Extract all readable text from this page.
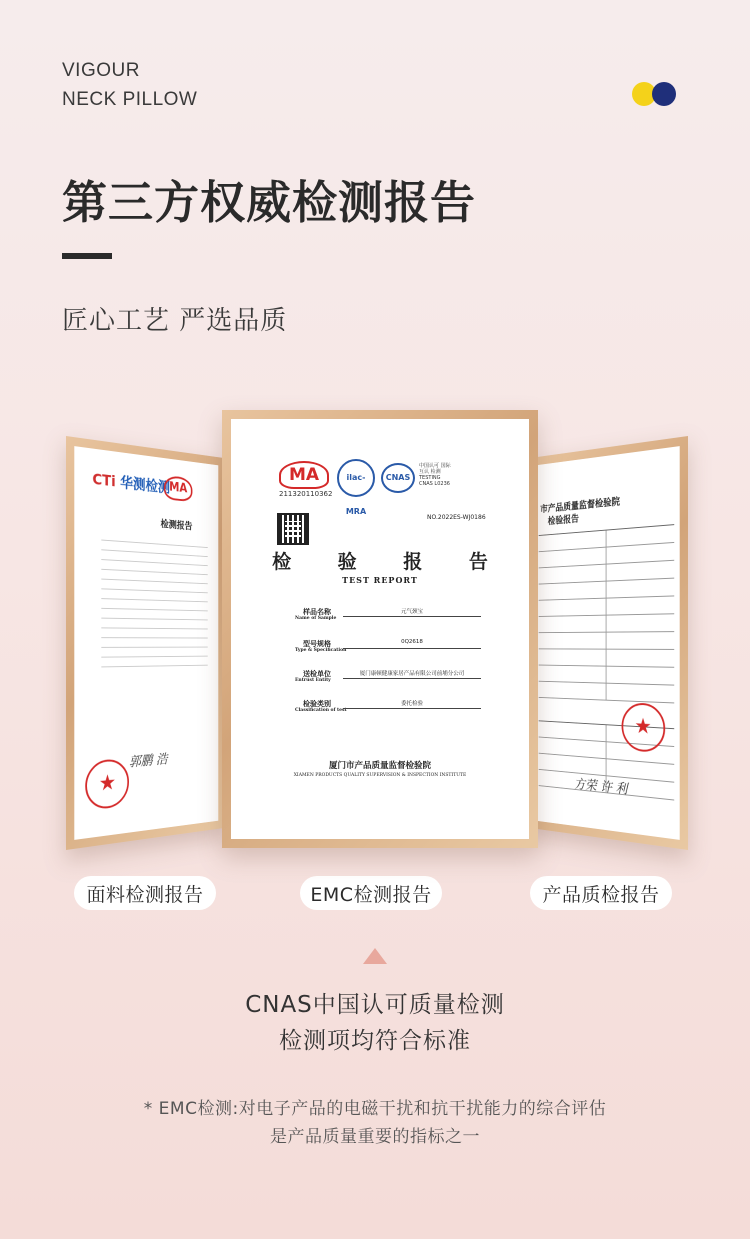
VIGOUR
NECK PILLOW
第三方权威检测报告
匠心工艺 严选品质
CTi 华测检测 MA
检测报告
郭鹏 浩
★
市产品质量监督检验院
检验报告
★
方荣 许 利
MA
211320110362
ilac-MRA
CNAS
中国认可 国际互认 检测 TESTING CNAS L0236
NO.2022ES-WJ0186
检 验 报 告
TEST REPORT
样品名称
Name of Sample
元气颈宝
型号规格
Type & Specification
0Q2618
送检单位
Entrust Entity
厦门康顿健康家居产品有限公司前埔分公司
检验类别
Classification of test
委托检验
厦门市产品质量监督检验院
XIAMEN PRODUCTS QUALITY SUPERVISION & INSPECTION INSTITUTE
面料检测报告	EMC检测报告	产品质检报告
CNAS中国认可质量检测
检测项均符合标准
* EMC检测:对电子产品的电磁干扰和抗干扰能力的综合评估
是产品质量重要的指标之一
